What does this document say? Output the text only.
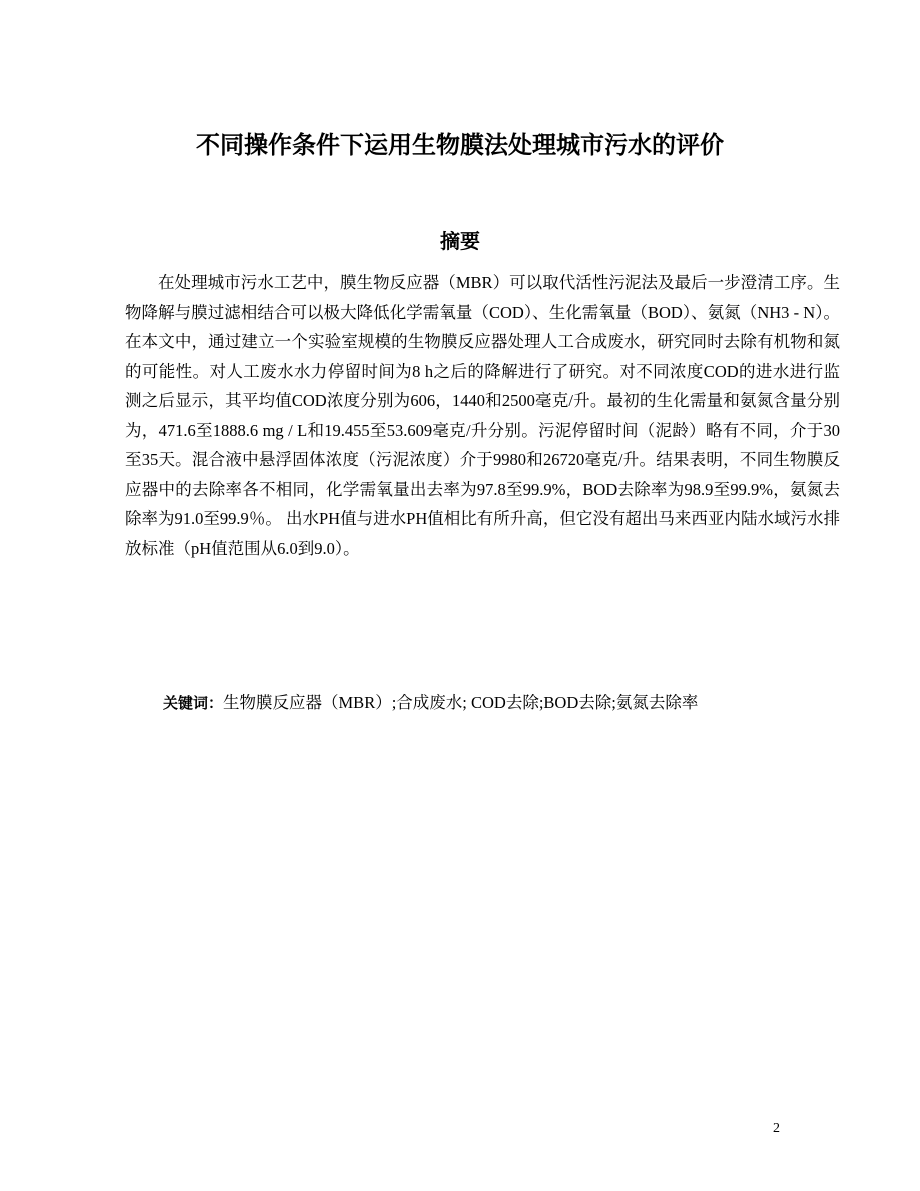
不同操作条件下运用生物膜法处理城市污水的评价
摘要

在处理城市污水工艺中，膜生物反应器（MBR）可以取代活性污泥法及最后一步澄清工序。生物降解与膜过滤相结合可以极大降低化学需氧量（COD）、生化需氧量（BOD）、氨氮（NH3 - N）。在本文中，通过建立一个实验室规模的生物膜反应器处理人工合成废水，研究同时去除有机物和氮的可能性。对人工废水水力停留时间为8 h之后的降解进行了研究。对不同浓度COD的进水进行监测之后显示，其平均值COD浓度分别为606，1440和2500毫克/升。最初的生化需量和氨氮含量分别为，471.6至1888.6 mg / L和19.455至53.609毫克/升分别。污泥停留时间（泥龄）略有不同，介于30至35天。混合液中悬浮固体浓度（污泥浓度）介于9980和26720毫克/升。结果表明，不同生物膜反应器中的去除率各不相同，化学需氧量出去率为97.8至99.9%，BOD去除率为98.9至99.9%，氨氮去除率为91.0至99.9％。 出水PH值与进水PH值相比有所升高，但它没有超出马来西亚内陆水域污水排放标准（pH值范围从6.0到9.0）。

关键词：生物膜反应器（MBR）;合成废水; COD去除;BOD去除;氨氮去除率

2
